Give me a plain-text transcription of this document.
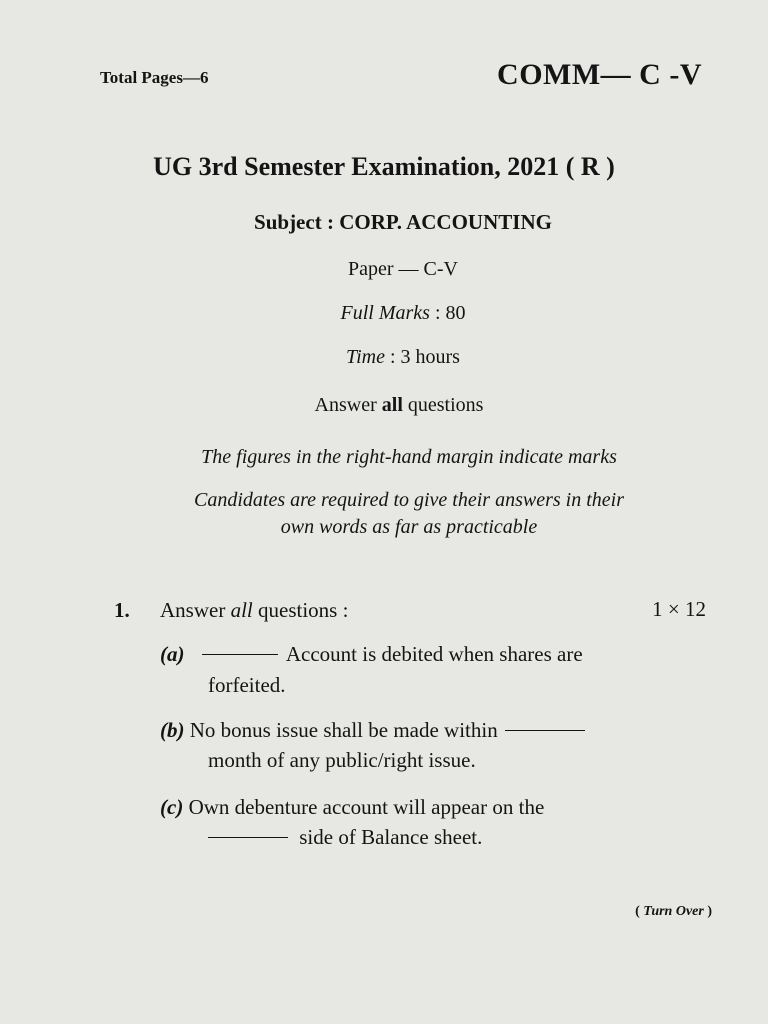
Total Pages—6	COMM— C -V
UG 3rd Semester Examination, 2021 ( R )
Subject : CORP. ACCOUNTING
Paper — C-V
Full Marks : 80
Time : 3 hours
Answer all questions
The figures in the right-hand margin indicate marks
Candidates are required to give their answers in their
own words as far as practicable
1. Answer all questions :	1 × 12
(a)	Account is debited when shares are
forfeited.
(b) No bonus issue shall be made within
month of any public/right issue.
(c) Own debenture account will appear on the
side of Balance sheet.
( Turn Over )
